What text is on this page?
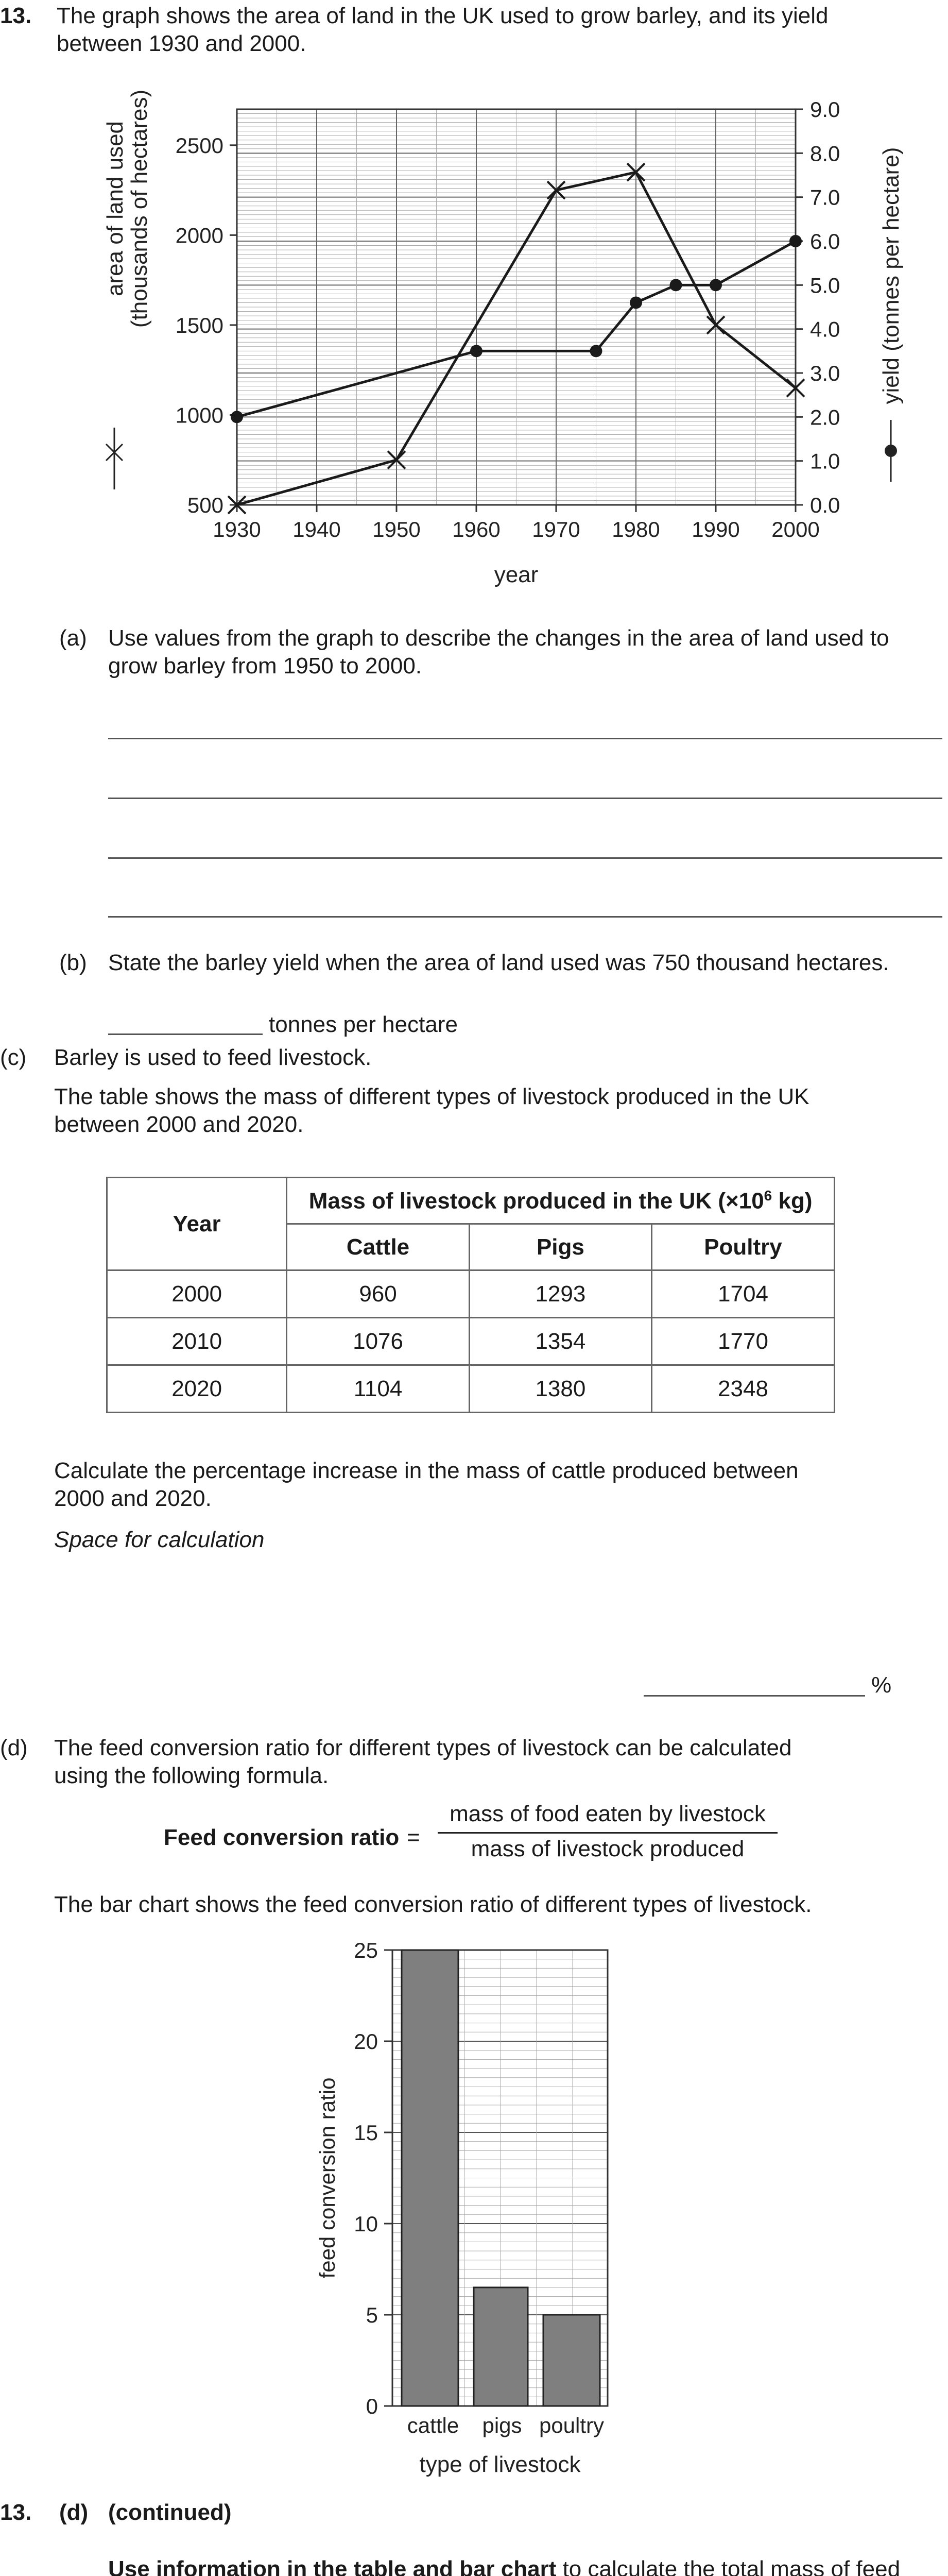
13. The graph shows the area of land in the UK used to grow barley, and its yield
between 1930 and 2000.
1930 1940 1950 1960 1970 1980 1990 2000
500
1000
1500
2000
2500
0.0
1.0
2.0
3.0
4.0
5.0
6.0
7.0
8.0
9.0
year
area of land used
(thousands of hectares)	yield (tonnes per hectare)
(a) Use values from the graph to describe the changes in the area of land used to
grow barley from 1950 to 2000.
(b) State the barley yield when the area of land used was 750 thousand hectares.
tonnes per hectare
(c) Barley is used to feed livestock.
The table shows the mass of different types of livestock produced in the UK
between 2000 and 2020.
Year	Mass of livestock produced in the UK ($\times 10^6$ kg)		
	Cattle	Pigs	Poultry
2000	960	1293	1704
2010	1076	1354	1770
2020	1104	1380	2348
Calculate the percentage increase in the mass of cattle produced between
2000 and 2020.
Space for calculation
%
(d) The feed conversion ratio for different types of livestock can be calculated
using the following formula.
Feed conversion ratio =
mass of food eaten by livestock
mass of livestock produced
The bar chart shows the feed conversion ratio of different types of livestock.
0
5
10
15
20
25
cattle pigs poultry
type of livestock
feed conversion ratio
13. (d) (continued)
Use information in the table and bar chart to calculate the total mass of feed
